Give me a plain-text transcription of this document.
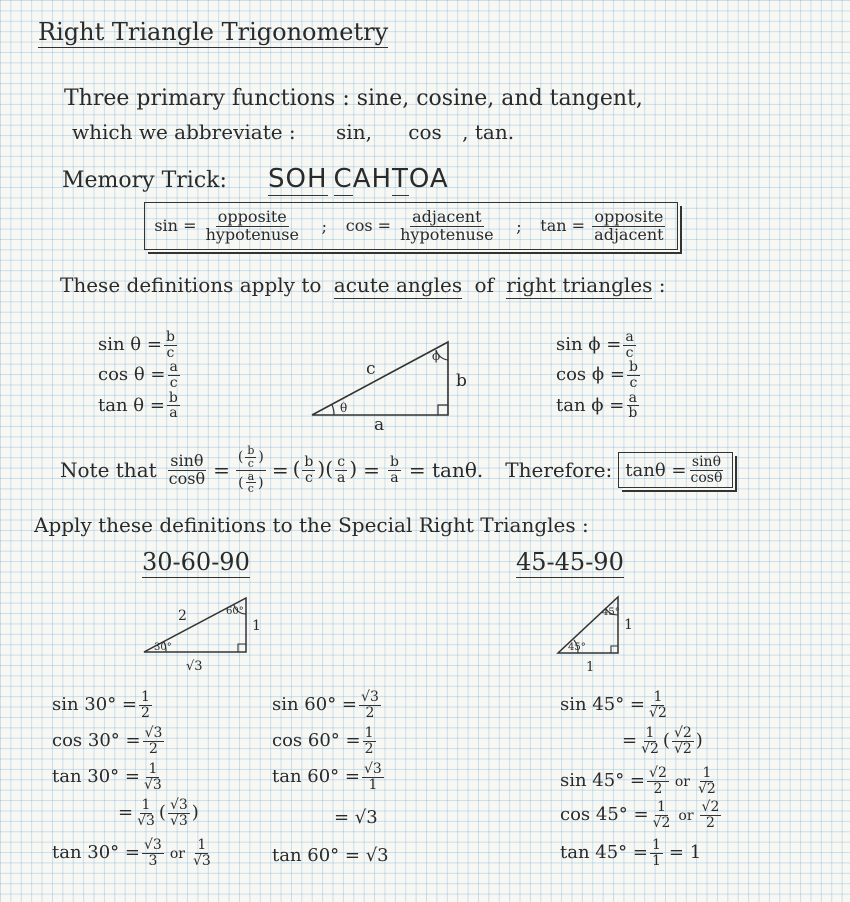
Right Triangle Trigonometry
Three primary functions : sine, cosine, and tangent,
which we abbreviate : sin, cos , tan.
Memory Trick: SOH CAHTOA
$\sin = \frac{\text{opposite}}{\text{hypotenuse}}$ ; $\cos = \frac{\text{adjacent}}{\text{hypotenuse}}$ ; $\tan = \frac{\text{opposite}}{\text{adjacent}}$
These definitions apply to acute angles of right triangles :
$\sin \theta = \frac{b}{c}$
$\cos \theta = \frac{a}{c}$
$\tan \theta = \frac{b}{a}$
c
b
a
θ
ϕ
$\sin \phi = \frac{a}{c}$
$\cos \phi = \frac{b}{c}$
$\tan \phi = \frac{a}{b}$
Note that $\frac{\sin\theta}{\cos\theta} = \frac{( \frac{b}{c} )}{( \frac{a}{c} )}$ = ( $\frac{b}{c}$ )( $\frac{c}{a}$ ) = $\frac{b}{a} = \tan\theta$. Therefore: $\tan\theta = \frac{\sin\theta}{\cos\theta}$
Apply these definitions to the Special Right Triangles :
30-60-90	45-45-90
2	60°
1
30°
√3
45°
1
45°
1
$\sin 30^\circ = \frac{1}{2}$
$\cos 30^\circ = \frac{√3}{2}$
$\tan 30^\circ = \frac{1}{√3}$
= $\frac{1}{√3}$ ( $\frac{√3}{√3}$ )
$\tan 30^\circ = \frac{√3}{3}$ or $\frac{1}{√3}$
$\sin 60^\circ = \frac{√3}{2}$
$\cos 60^\circ = \frac{1}{2}$
$\tan 60^\circ = \frac{√3}{1}$
= √3
tan 60° = √3
$\sin 45^\circ = \frac{1}{√2}$
= $\frac{1}{√2}$ ( $\frac{√2}{√2}$ )
$\sin 45^\circ = \frac{√2}{2}$ or $\frac{1}{√2}$
$\cos 45^\circ = \frac{1}{√2}$ or $\frac{√2}{2}$
$\tan 45^\circ = \frac{1}{1} = 1$
